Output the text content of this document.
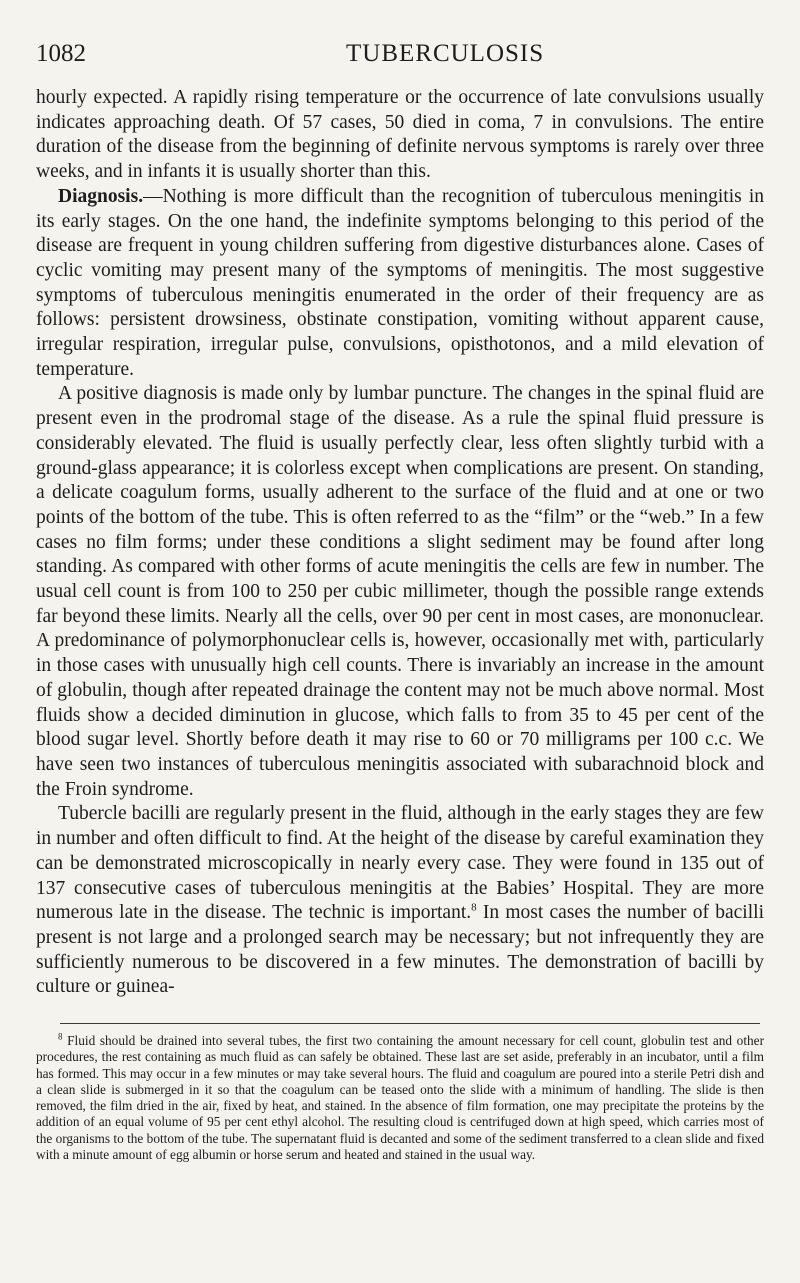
1082	TUBERCULOSIS

hourly expected. A rapidly rising temperature or the occurrence of late convulsions usually indicates approaching death. Of 57 cases, 50 died in coma, 7 in convulsions. The entire duration of the disease from the beginning of definite nervous symptoms is rarely over three weeks, and in infants it is usually shorter than this.

Diagnosis.—Nothing is more difficult than the recognition of tuberculous meningitis in its early stages. On the one hand, the indefinite symptoms belonging to this period of the disease are frequent in young children suffering from digestive disturbances alone. Cases of cyclic vomiting may present many of the symptoms of meningitis. The most suggestive symptoms of tuberculous meningitis enumerated in the order of their frequency are as follows: persistent drowsiness, obstinate constipation, vomiting without apparent cause, irregular respiration, irregular pulse, convulsions, opisthotonos, and a mild elevation of temperature.

A positive diagnosis is made only by lumbar puncture. The changes in the spinal fluid are present even in the prodromal stage of the disease. As a rule the spinal fluid pressure is considerably elevated. The fluid is usually perfectly clear, less often slightly turbid with a ground-glass appearance; it is colorless except when complications are present. On standing, a delicate coagulum forms, usually adherent to the surface of the fluid and at one or two points of the bottom of the tube. This is often referred to as the “film” or the “web.” In a few cases no film forms; under these conditions a slight sediment may be found after long standing. As compared with other forms of acute meningitis the cells are few in number. The usual cell count is from 100 to 250 per cubic millimeter, though the possible range extends far beyond these limits. Nearly all the cells, over 90 per cent in most cases, are mononuclear. A predominance of polymorphonuclear cells is, however, occasionally met with, particularly in those cases with unusually high cell counts. There is invariably an increase in the amount of globulin, though after repeated drainage the content may not be much above normal. Most fluids show a decided diminution in glucose, which falls to from 35 to 45 per cent of the blood sugar level. Shortly before death it may rise to 60 or 70 milligrams per 100 c.c. We have seen two instances of tuberculous meningitis associated with subarachnoid block and the Froin syndrome.

Tubercle bacilli are regularly present in the fluid, although in the early stages they are few in number and often difficult to find. At the height of the disease by careful examination they can be demonstrated microscopically in nearly every case. They were found in 135 out of 137 consecutive cases of tuberculous meningitis at the Babies’ Hospital. They are more numerous late in the disease. The technic is important.$^8$ In most cases the number of bacilli present is not large and a prolonged search may be necessary; but not infrequently they are sufficiently numerous to be discovered in a few minutes. The demonstration of bacilli by culture or guinea-

$^8$ Fluid should be drained into several tubes, the first two containing the amount necessary for cell count, globulin test and other procedures, the rest containing as much fluid as can safely be obtained. These last are set aside, preferably in an incubator, until a film has formed. This may occur in a few minutes or may take several hours. The fluid and coagulum are poured into a sterile Petri dish and a clean slide is submerged in it so that the coagulum can be teased onto the slide with a minimum of handling. The slide is then removed, the film dried in the air, fixed by heat, and stained. In the absence of film formation, one may precipitate the proteins by the addition of an equal volume of 95 per cent ethyl alcohol. The resulting cloud is centrifuged down at high speed, which carries most of the organisms to the bottom of the tube. The supernatant fluid is decanted and some of the sediment transferred to a clean slide and fixed with a minute amount of egg albumin or horse serum and heated and stained in the usual way.
